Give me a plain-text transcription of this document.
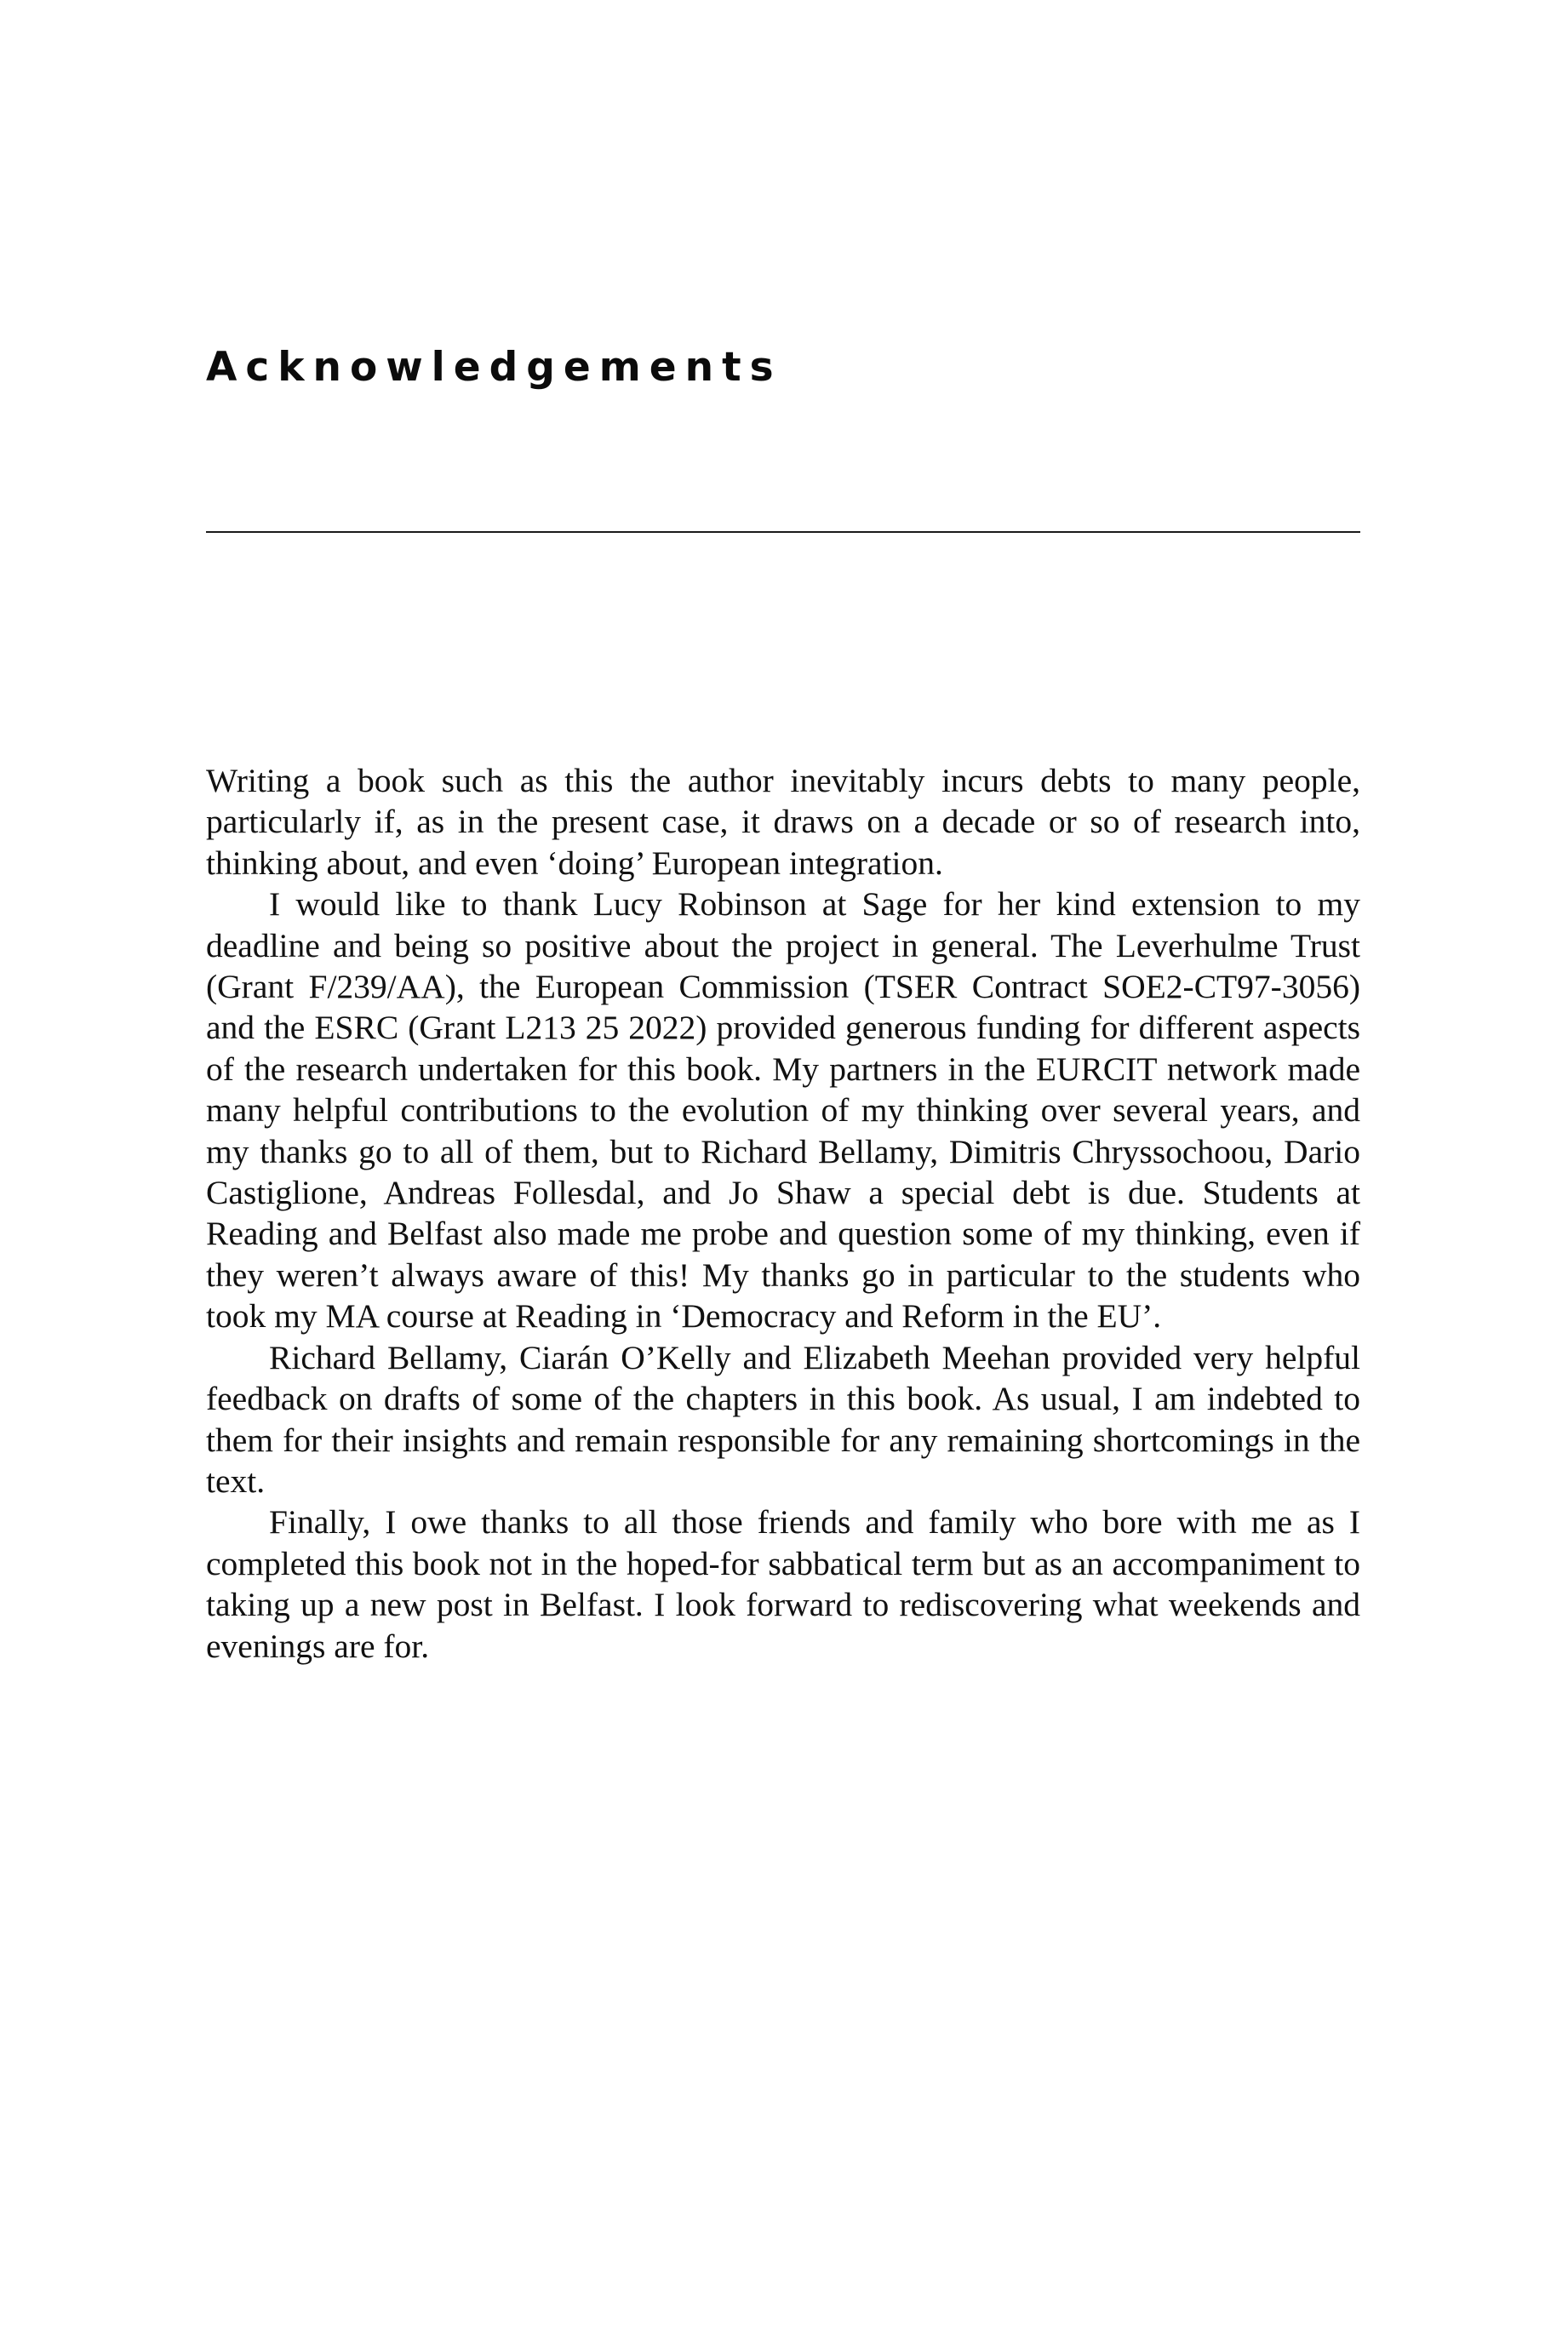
Acknowledgements

Writing a book such as this the author inevitably incurs debts to many people, particularly if, as in the present case, it draws on a decade or so of research into, thinking about, and even ‘doing’ European integration.

I would like to thank Lucy Robinson at Sage for her kind extension to my deadline and being so positive about the project in general. The Leverhulme Trust (Grant F/239/AA), the European Commission (TSER Contract SOE2-CT97-3056) and the ESRC (Grant L213 25 2022) provided generous funding for different aspects of the research undertaken for this book. My partners in the EURCIT network made many helpful contributions to the evolution of my thinking over several years, and my thanks go to all of them, but to Richard Bellamy, Dimitris Chryssochoou, Dario Castiglione, Andreas Follesdal, and Jo Shaw a special debt is due. Students at Reading and Belfast also made me probe and question some of my thinking, even if they weren’t always aware of this! My thanks go in particular to the students who took my MA course at Reading in ‘Democracy and Reform in the EU’.

Richard Bellamy, Ciarán O’Kelly and Elizabeth Meehan provided very helpful feedback on drafts of some of the chapters in this book. As usual, I am indebted to them for their insights and remain responsible for any remaining shortcomings in the text.

Finally, I owe thanks to all those friends and family who bore with me as I completed this book not in the hoped-for sabbatical term but as an accompaniment to taking up a new post in Belfast. I look forward to rediscovering what weekends and evenings are for.
